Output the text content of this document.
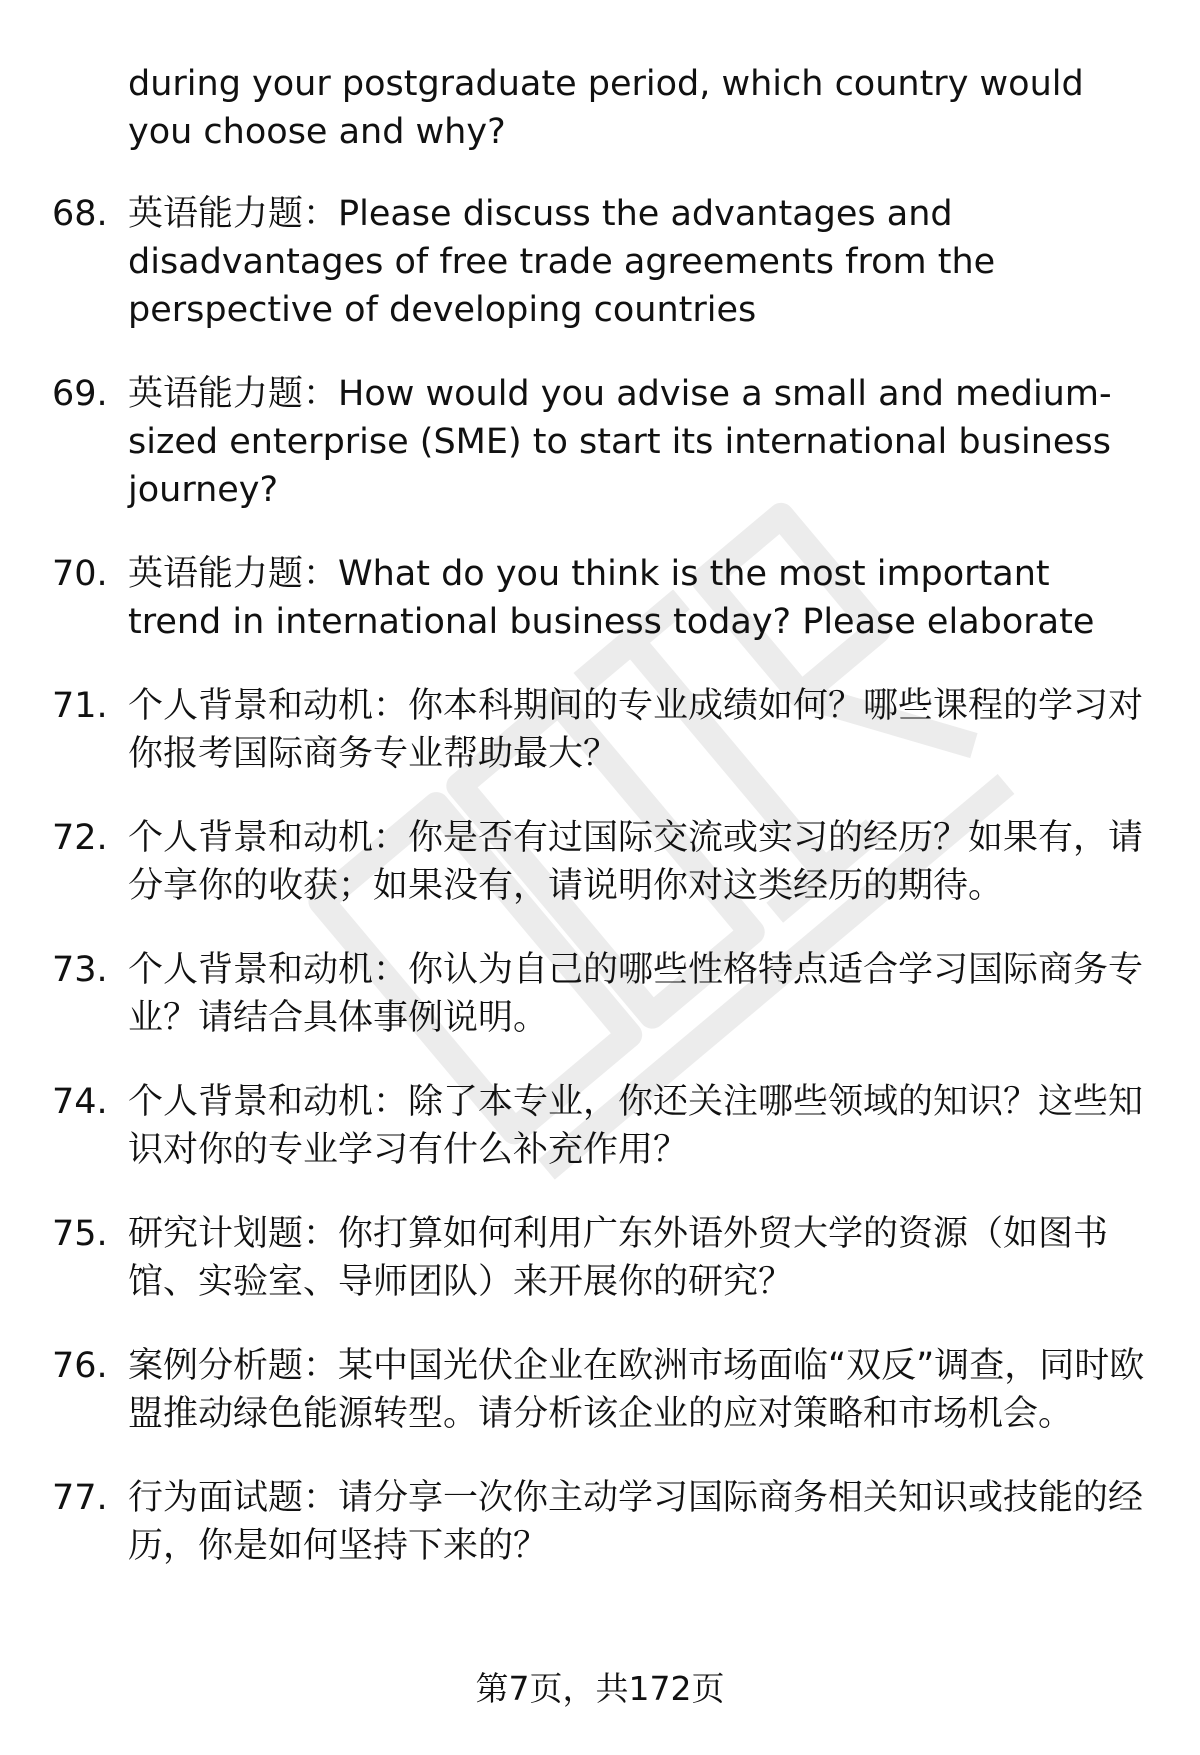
during your postgraduate period, which country would you choose and why?
68. 英语能力题：Please discuss the advantages and disadvantages of free trade agreements from the perspective of developing countries
69. 英语能力题：How would you advise a small and medium-sized enterprise (SME) to start its international business journey?
70. 英语能力题：What do you think is the most important trend in international business today? Please elaborate
71. 个人背景和动机：你本科期间的专业成绩如何？哪些课程的学习对你报考国际商务专业帮助最大？
72. 个人背景和动机：你是否有过国际交流或实习的经历？如果有，请分享你的收获；如果没有，请说明你对这类经历的期待。
73. 个人背景和动机：你认为自己的哪些性格特点适合学习国际商务专业？请结合具体事例说明。
74. 个人背景和动机：除了本专业，你还关注哪些领域的知识？这些知识对你的专业学习有什么补充作用？
75. 研究计划题：你打算如何利用广东外语外贸大学的资源（如图书馆、实验室、导师团队）来开展你的研究？
76. 案例分析题：某中国光伏企业在欧洲市场面临“双反”调查，同时欧盟推动绿色能源转型。请分析该企业的应对策略和市场机会。
77. 行为面试题：请分享一次你主动学习国际商务相关知识或技能的经历，你是如何坚持下来的？
第7页，共172页
